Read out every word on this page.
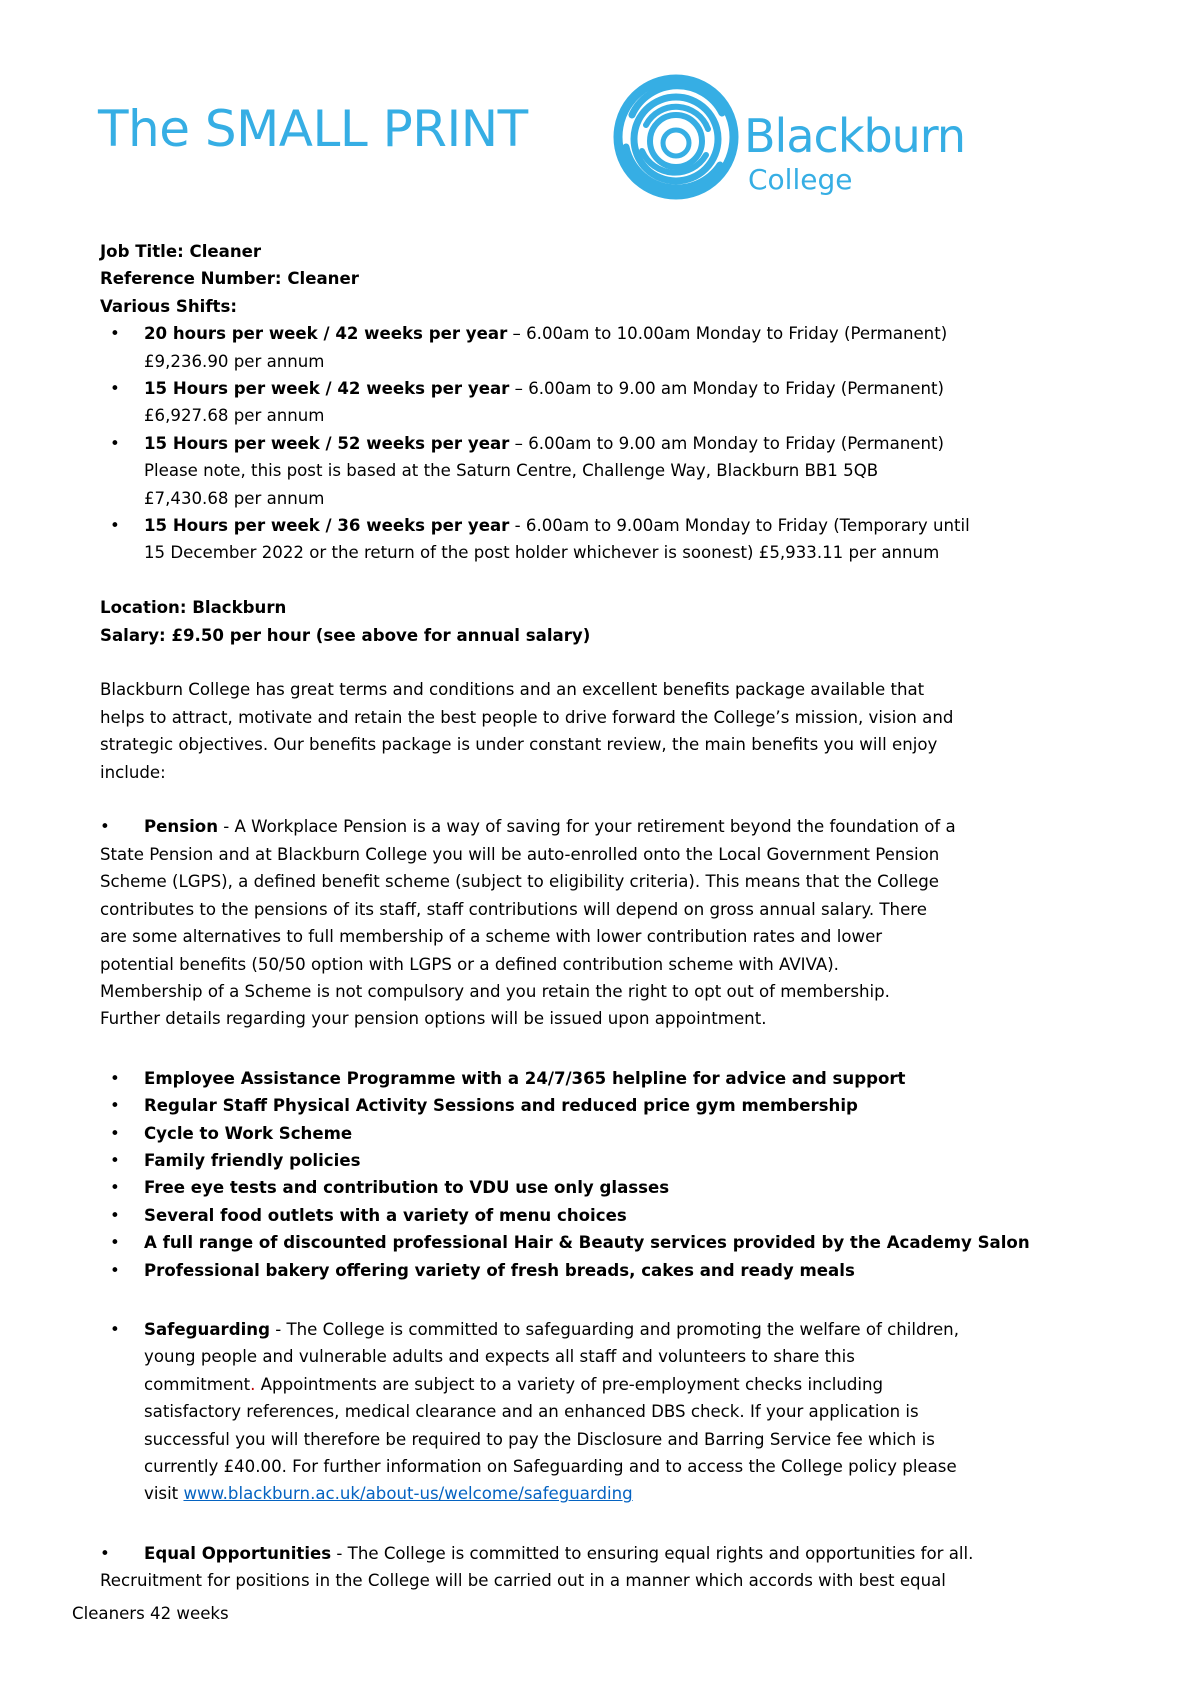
The SMALL PRINT	Blackburn
College
Job Title: Cleaner
Reference Number: Cleaner
Various Shifts:
• 20 hours per week / 42 weeks per year – 6.00am to 10.00am Monday to Friday (Permanent)
£9,236.90 per annum
• 15 Hours per week / 42 weeks per year – 6.00am to 9.00 am Monday to Friday (Permanent)
£6,927.68 per annum
• 15 Hours per week / 52 weeks per year – 6.00am to 9.00 am Monday to Friday (Permanent)
Please note, this post is based at the Saturn Centre, Challenge Way, Blackburn BB1 5QB
£7,430.68 per annum
• 15 Hours per week / 36 weeks per year - 6.00am to 9.00am Monday to Friday (Temporary until
15 December 2022 or the return of the post holder whichever is soonest) £5,933.11 per annum
Location: Blackburn
Salary: £9.50 per hour (see above for annual salary)
Blackburn College has great terms and conditions and an excellent benefits package available that
helps to attract, motivate and retain the best people to drive forward the College’s mission, vision and
strategic objectives. Our benefits package is under constant review, the main benefits you will enjoy
include:
• Pension - A Workplace Pension is a way of saving for your retirement beyond the foundation of a
State Pension and at Blackburn College you will be auto-enrolled onto the Local Government Pension
Scheme (LGPS), a defined benefit scheme (subject to eligibility criteria). This means that the College
contributes to the pensions of its staff, staff contributions will depend on gross annual salary. There
are some alternatives to full membership of a scheme with lower contribution rates and lower
potential benefits (50/50 option with LGPS or a defined contribution scheme with AVIVA).
Membership of a Scheme is not compulsory and you retain the right to opt out of membership.
Further details regarding your pension options will be issued upon appointment.
• Employee Assistance Programme with a 24/7/365 helpline for advice and support
• Regular Staff Physical Activity Sessions and reduced price gym membership
• Cycle to Work Scheme
• Family friendly policies
• Free eye tests and contribution to VDU use only glasses
• Several food outlets with a variety of menu choices
• A full range of discounted professional Hair & Beauty services provided by the Academy Salon
• Professional bakery offering variety of fresh breads, cakes and ready meals
• Safeguarding - The College is committed to safeguarding and promoting the welfare of children,
young people and vulnerable adults and expects all staff and volunteers to share this
commitment. Appointments are subject to a variety of pre-employment checks including
satisfactory references, medical clearance and an enhanced DBS check. If your application is
successful you will therefore be required to pay the Disclosure and Barring Service fee which is
currently £40.00. For further information on Safeguarding and to access the College policy please
visit www.blackburn.ac.uk/about-us/welcome/safeguarding
• Equal Opportunities - The College is committed to ensuring equal rights and opportunities for all.
Recruitment for positions in the College will be carried out in a manner which accords with best equal
Cleaners 42 weeks
